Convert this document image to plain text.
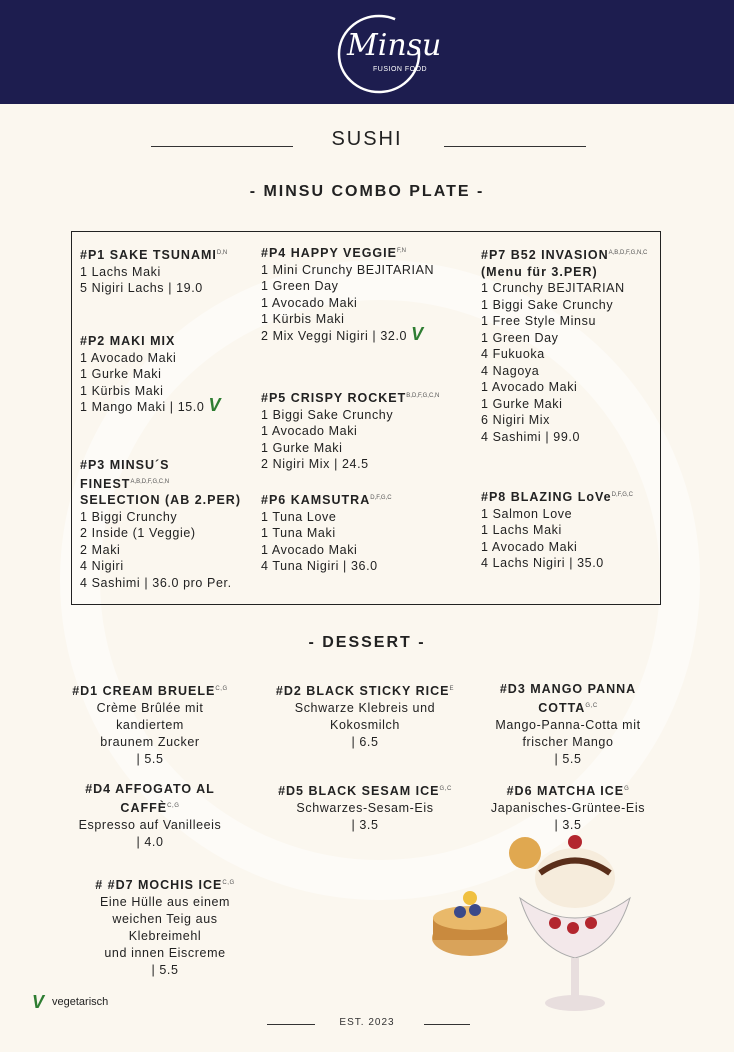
Minsu
FUSION FOOD
SUSHI
- MINSU COMBO PLATE -
#P1 SAKE $TSUNAMI^{D,N}$
1 Lachs Maki
5 Nigiri Lachs | 19.0
#P2 MAKI MIX
1 Avocado Maki
1 Gurke Maki
1 Kürbis Maki
1 Mango Maki | 15.0 V
#P3 MINSU´S $FINEST^{A,B,D,F,G,C,N}$
SELECTION (AB 2.PER)
1 Biggi Crunchy
2 Inside (1 Veggie)
2 Maki
4 Nigiri
4 Sashimi | 36.0 pro Per.
#P4 HAPPY $VEGGIE^{F,N}$
1 Mini Crunchy BEJITARIAN
1 Green Day
1 Avocado Maki
1 Kürbis Maki
2 Mix Veggi Nigiri | 32.0 V
#P5 CRISPY $ROCKET^{B,D,F,G,C,N}$
1 Biggi Sake Crunchy
1 Avocado Maki
1 Gurke Maki
2 Nigiri Mix | 24.5
#P6 $KAMSUTRA^{D,F,G,C}$
1 Tuna Love
1 Tuna Maki
1 Avocado Maki
4 Tuna Nigiri | 36.0
#P7 B52 $INVASION^{A,B,D,F,G,N,C}$
(Menu für 3.PER)
1 Crunchy BEJITARIAN
1 Biggi Sake Crunchy
1 Free Style Minsu
1 Green Day
4 Fukuoka
4 Nagoya
1 Avocado Maki
1 Gurke Maki
6 Nigiri Mix
4 Sashimi | 99.0
#P8 BLAZING LoVe$^{D,F,G,C}$
1 Salmon Love
1 Lachs Maki
1 Avocado Maki
4 Lachs Nigiri | 35.0
- DESSERT -
#D1 CREAM $BRUELE^{C,G}$
Crème Brûlée mit
kandiertem
braunem Zucker
| 5.5
#D2 BLACK STICKY $RICE^E$
Schwarze Klebreis und
Kokosmilch
| 6.5
#D3 MANGO PANNA $COTTA^{G,C}$
Mango-Panna-Cotta mit
frischer Mango
| 5.5
#D4 AFFOGATO AL $CAFFÈ^{C,G}$
Espresso auf Vanilleeis
| 4.0
#D5 BLACK SESAM $ICE^{G,C}$
Schwarzes-Sesam-Eis
| 3.5
#D6 MATCHA $ICE^G$
Japanisches-Grüntee-Eis
| 3.5
# #D7 MOCHIS $ICE^{C,G}$
Eine Hülle aus einem
weichen Teig aus
Klebreimehl
und innen Eiscreme
| 5.5
V vegetarisch
EST. 2023
